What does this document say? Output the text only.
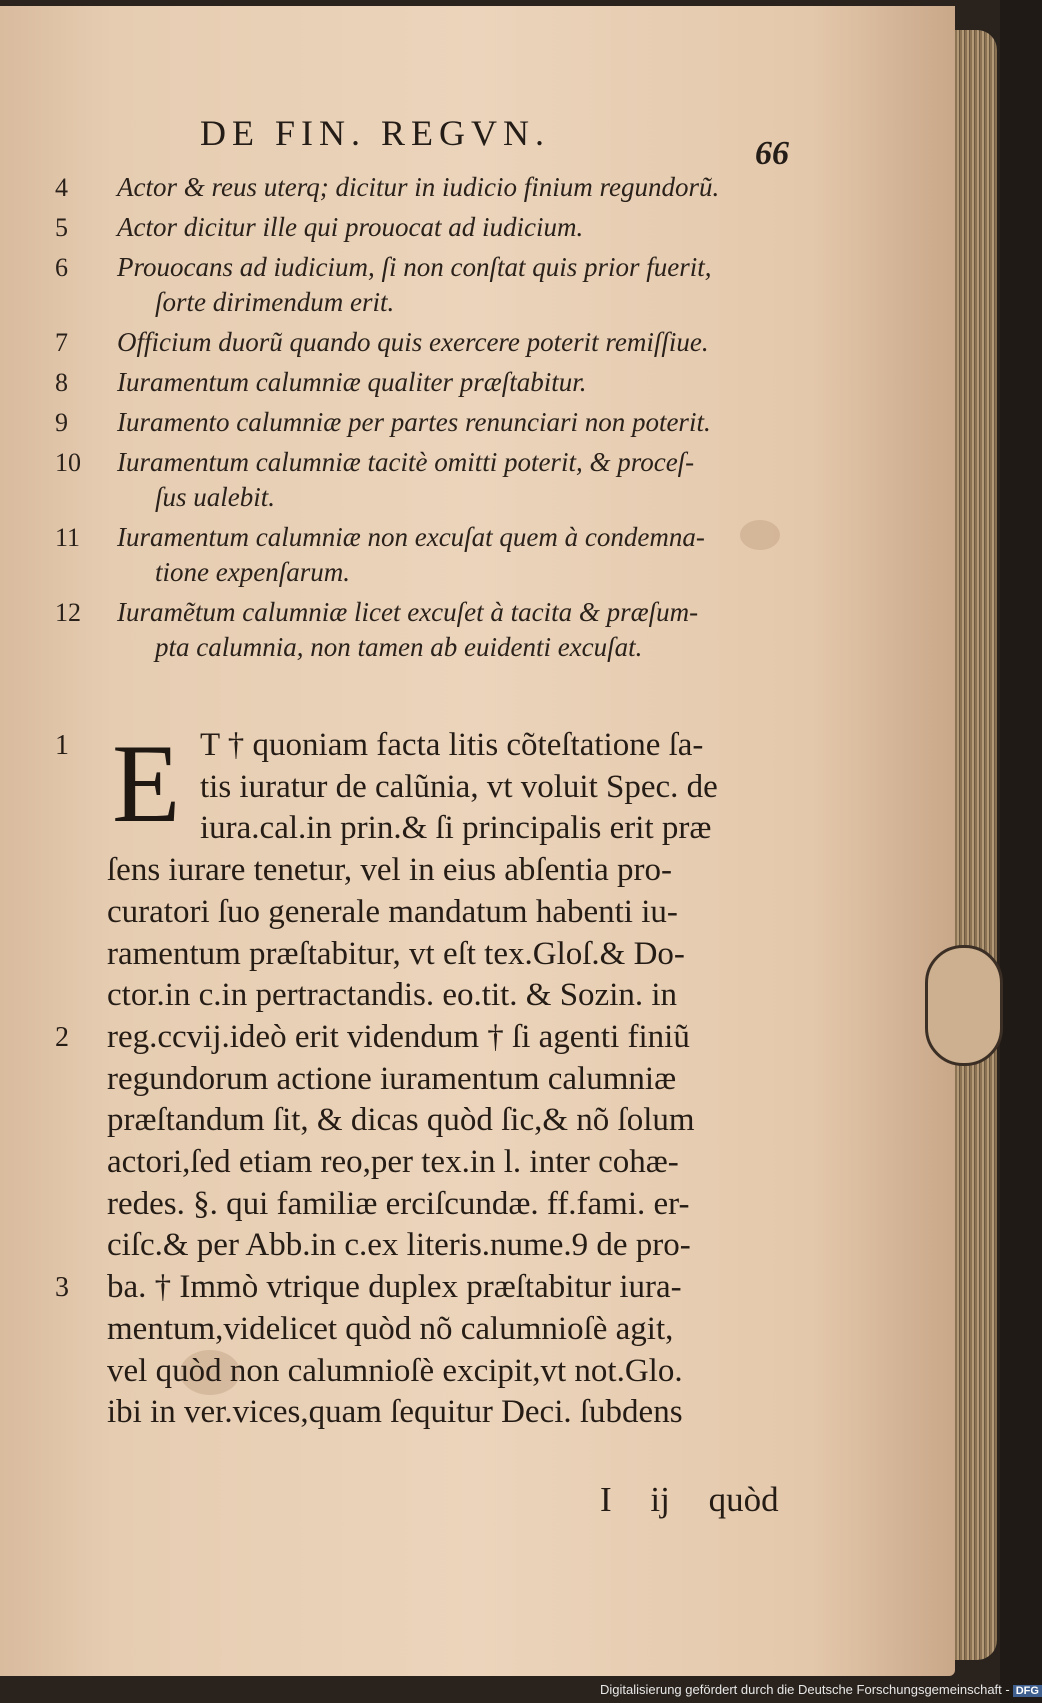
DE FIN. REGVN.
66
4	Actor & reus uterq; dicitur in iudicio finium regundorũ.
5	Actor dicitur ille qui prouocat ad iudicium.
6	Prouocans ad iudicium, ſi non conſtat quis prior fuerit,
ſorte dirimendum erit.
7	Officium duorũ quando quis exercere poterit remiſſiue.
8	Iuramentum calumniæ qualiter præſtabitur.
9	Iuramento calumniæ per partes renunciari non poterit.
10	Iuramentum calumniæ tacitè omitti poterit, & proceſ-
ſus ualebit.
11	Iuramentum calumniæ non excuſat quem à condemna-
tione expenſarum.
12	Iuramẽtum calumniæ licet excuſet à tacita & præſum-
pta calumnia, non tamen ab euidenti excuſat.
E
1	T † quoniam facta litis cõteſtatione ſa-
tis iuratur de calũnia, vt voluit Spec. de
iura.cal.in prin.& ſi principalis erit præ
ſens iurare tenetur, vel in eius abſentia pro-
curatori ſuo generale mandatum habenti iu-
ramentum præſtabitur, vt eſt tex.Gloſ.& Do-
ctor.in c.in pertractandis. eo.tit. & Sozin. in
2	reg.ccvij.ideò erit videndum † ſi agenti finiũ
regundorum actione iuramentum calumniæ
præſtandum ſit, & dicas quòd ſic,& nõ ſolum
actori,ſed etiam reo,per tex.in l. inter cohæ-
redes. §. qui familiæ erciſcundæ. ff.fami. er-
ciſc.& per Abb.in c.ex literis.nume.9 de pro-
3	ba. † Immò vtrique duplex præſtabitur iura-
mentum,videlicet quòd nõ calumnioſè agit,
vel quòd non calumnioſè excipit,vt not.Glo.
ibi in ver.vices,quam ſequitur Deci. ſubdens
I ij quòd
Digitalisierung gefördert durch die Deutsche Forschungsgemeinschaft - DFG
